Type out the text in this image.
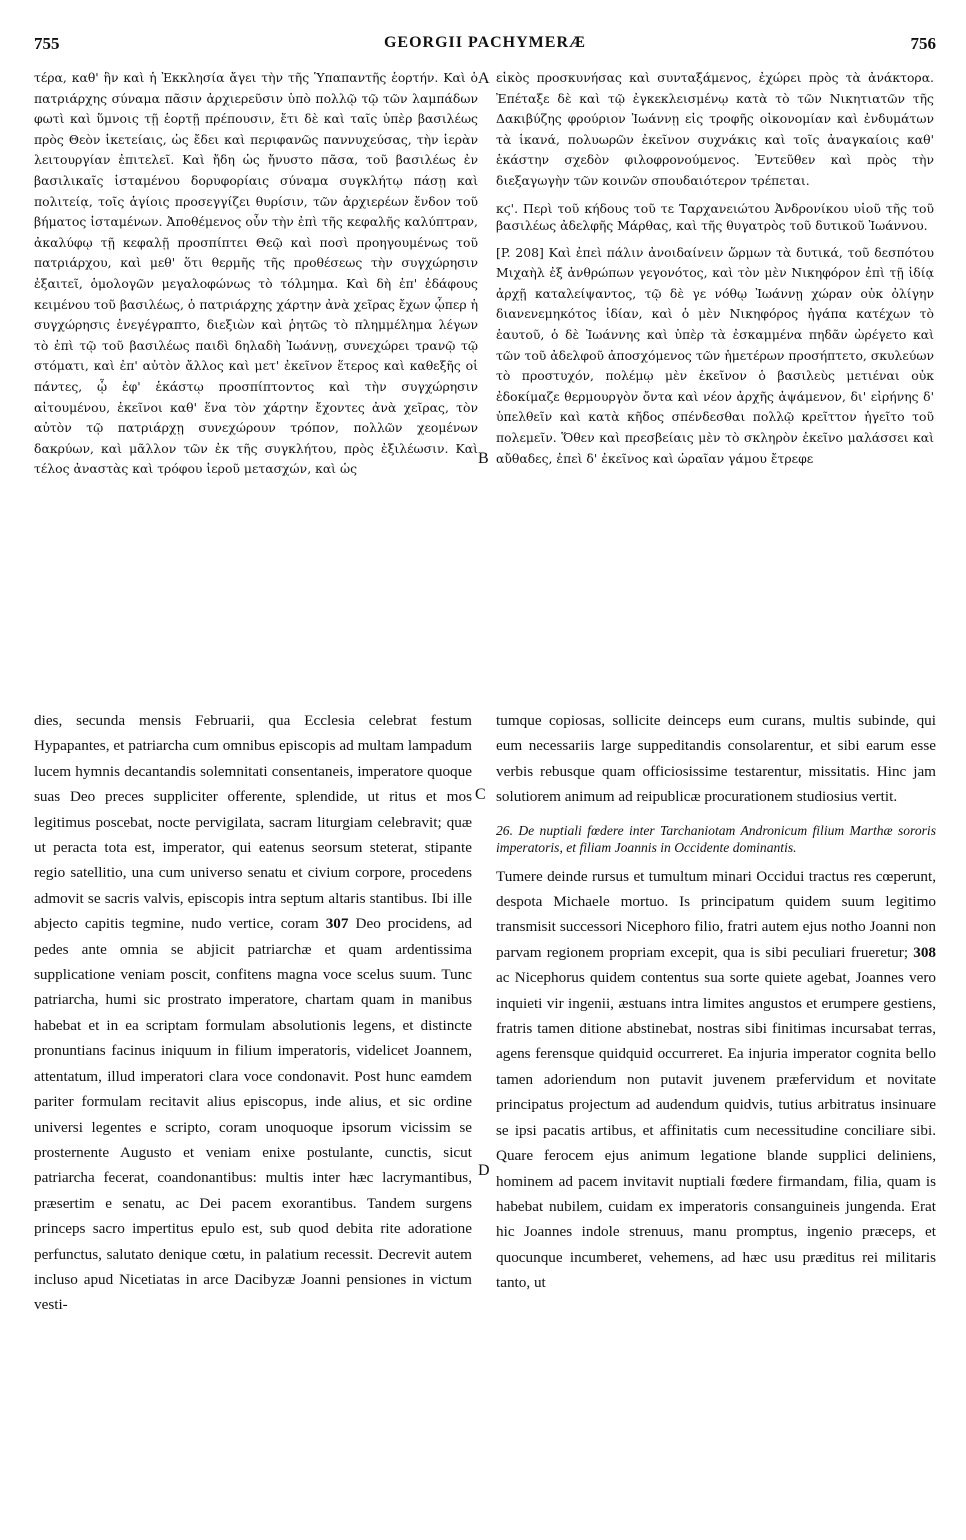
755	GEORGII PACHYMERÆ	756

τέρα, καθ' ἣν καὶ ἡ Ἐκκλησία ἄγει τὴν τῆς Ὑπαπαντῆς ἑορτήν. Καὶ ὁ πατριάρχης σύναμα πᾶσιν ἀρχιερεῦσιν ὑπὸ πολλῷ τῷ τῶν λαμπάδων φωτὶ καὶ ὕμνοις τῇ ἑορτῇ πρέπουσιν, ἔτι δὲ καὶ ταῖς ὑπὲρ βασιλέως πρὸς Θεὸν ἱκετείαις, ὡς ἔδει καὶ περιφανῶς παννυχεύσας, τὴν ἱερὰν λειτουργίαν ἐπιτελεῖ. Καὶ ἤδη ὡς ἤνυστο πᾶσα, τοῦ βασιλέως ἐν βασιλικαῖς ἱσταμένου δορυφορίαις σύναμα συγκλήτῳ πάσῃ καὶ πολιτείᾳ, τοῖς ἁγίοις προσεγγίζει θυρίσιν, τῶν ἀρχιερέων ἔνδον τοῦ βήματος ἱσταμένων. Ἀποθέμενος οὖν τὴν ἐπὶ τῆς κεφαλῆς καλύπτραν, ἀκαλύφῳ τῇ κεφαλῇ προσπίπτει Θεῷ καὶ ποσὶ προηγουμένως τοῦ πατριάρχου, καὶ μεθ' ὅτι θερμῆς τῆς προθέσεως τὴν συγχώρησιν ἐξαιτεῖ, ὁμολογῶν μεγαλοφώνως τὸ τόλμημα. Καὶ δὴ ἐπ' ἐδάφους κειμένου τοῦ βασιλέως, ὁ πατριάρχης χάρτην ἀνὰ χεῖρας ἔχων ᾧπερ ἡ συγχώρησις ἐνεγέγραπτο, διεξιὼν καὶ ῥητῶς τὸ πλημμέλημα λέγων τὸ ἐπὶ τῷ τοῦ βασιλέως παιδὶ δηλαδὴ Ἰωάννῃ, συνεχώρει τρανῷ τῷ στόματι, καὶ ἐπ' αὐτὸν ἄλλος καὶ μετ' ἐκεῖνον ἕτερος καὶ καθεξῆς οἱ πάντες, ᾧ ἐφ' ἑκάστῳ προσπίπτοντος καὶ τὴν συγχώρησιν αἰτουμένου, ἐκεῖνοι καθ' ἕνα τὸν χάρτην ἔχοντες ἀνὰ χεῖρας, τὸν αὐτὸν τῷ πατριάρχῃ συνεχώρουν τρόπον, πολλῶν χεομένων δακρύων, καὶ μᾶλλον τῶν ἐκ τῆς συγκλήτου, πρὸς ἐξιλέωσιν. Καὶ τέλος ἀναστὰς καὶ τρόφου ἱεροῦ μετασχών, καὶ ὡς

εἰκὸς προσκυνήσας καὶ συνταξάμενος, ἐχώρει πρὸς τὰ ἀνάκτορα. Ἐπέταξε δὲ καὶ τῷ ἐγκεκλεισμένῳ κατὰ τὸ τῶν Νικητιατῶν τῆς Δακιβύζης φρούριον Ἰωάννῃ εἰς τροφῆς οἰκονομίαν καὶ ἐνδυμάτων τὰ ἱκανά, πολυωρῶν ἐκεῖνον συχνάκις καὶ τοῖς ἀναγκαίοις καθ' ἑκάστην σχεδὸν φιλοφρονούμενος. Ἐντεῦθεν καὶ πρὸς τὴν διεξαγωγὴν τῶν κοινῶν σπουδαιότερον τρέπεται.

κϛ'. Περὶ τοῦ κήδους τοῦ τε Ταρχανειώτου Ἀνδρονίκου υἱοῦ τῆς τοῦ βασιλέως ἀδελφῆς Μάρθας, καὶ τῆς θυγατρὸς τοῦ δυτικοῦ Ἰωάννου.

[P. 208] Καὶ ἐπεὶ πάλιν ἀνοιδαίνειν ὥρμων τὰ δυτικά, τοῦ δεσπότου Μιχαὴλ ἐξ ἀνθρώπων γεγονότος, καὶ τὸν μὲν Νικηφόρον ἐπὶ τῇ ἰδίᾳ ἀρχῇ καταλείψαντος, τῷ δὲ γε νόθῳ Ἰωάννῃ χώραν οὐκ ὀλίγην διανενεμηκότος ἰδίαν, καὶ ὁ μὲν Νικηφόρος ἠγάπα κατέχων τὸ ἑαυτοῦ, ὁ δὲ Ἰωάννης καὶ ὑπὲρ τὰ ἐσκαμμένα πηδᾶν ὠρέγετο καὶ τῶν τοῦ ἀδελφοῦ ἀποσχόμενος τῶν ἡμετέρων προσήπτετο, σκυλεύων τὸ προστυχόν, πολέμῳ μὲν ἐκεῖνον ὁ βασιλεὺς μετιέναι οὐκ ἐδοκίμαζε θερμουργὸν ὄντα καὶ νέον ἀρχῆς ἀψάμενον, δι' εἰρήνης δ' ὑπελθεῖν καὶ κατὰ κῆδος σπένδεσθαι πολλῷ κρεῖττον ἡγεῖτο τοῦ πολεμεῖν. Ὅθεν καὶ πρεσβείαις μὲν τὸ σκληρὸν ἐκεῖνο μαλάσσει καὶ αὔθαδες, ἐπεὶ δ' ἐκεῖνος καὶ ὡραῖαν γάμου ἔτρεφε

dies, secunda mensis Februarii, qua Ecclesia celebrat festum Hypapantes, et patriarcha cum omnibus episcopis ad multam lampadum lucem hymnis decantandis solemnitati consentaneis, imperatore quoque suas Deo preces suppliciter offerente, splendide, ut ritus et mos legitimus poscebat, nocte pervigilata, sacram liturgiam celebravit; quæ ut peracta tota est, imperator, qui eatenus seorsum steterat, stipante regio satellitio, una cum universo senatu et civium corpore, procedens admovit se sacris valvis, episcopis intra septum altaris stantibus. Ibi ille abjecto capitis tegmine, nudo vertice, coram 307 Deo procidens, ad pedes ante omnia se abjicit patriarchæ et quam ardentissima supplicatione veniam poscit, confitens magna voce scelus suum. Tunc patriarcha, humi sic prostrato imperatore, chartam quam in manibus habebat et in ea scriptam formulam absolutionis legens, et distincte pronuntians facinus iniquum in filium imperatoris, videlicet Joannem, attentatum, illud imperatori clara voce condonavit. Post hunc eamdem pariter formulam recitavit alius episcopus, inde alius, et sic ordine universi legentes e scripto, coram unoquoque ipsorum vicissim se prosternente Augusto et veniam enixe postulante, cunctis, sicut patriarcha fecerat, coandonantibus: multis inter hæc lacrymantibus, præsertim e senatu, ac Dei pacem exorantibus. Tandem surgens princeps sacro impertitus epulo est, sub quod debita rite adoratione perfunctus, salutato denique cœtu, in palatium recessit. Decrevit autem incluso apud Nicetiatas in arce Dacibyzæ Joanni pensiones in victum vesti-

tumque copiosas, sollicite deinceps eum curans, multis subinde, qui eum necessariis large suppeditandis consolarentur, et sibi earum esse verbis rebusque quam officiosissime testarentur, missitatis. Hinc jam solutiorem animum ad reipublicæ procurationem studiosius vertit.

26. De nuptiali fœdere inter Tarchaniotam Andronicum filium Marthæ sororis imperatoris, et filiam Joannis in Occidente dominantis.

Tumere deinde rursus et tumultum minari Occidui tractus res cœperunt, despota Michaele mortuo. Is principatum quidem suum legitimo transmisit successori Nicephoro filio, fratri autem ejus notho Joanni non parvam regionem propriam excepit, qua is sibi peculiari frueretur; 308 ac Nicephorus quidem contentus sua sorte quiete agebat, Joannes vero inquieti vir ingenii, æstuans intra limites angustos et erumpere gestiens, fratris tamen ditione abstinebat, nostras sibi finitimas incursabat terras, agens ferensque quidquid occurreret. Ea injuria imperator cognita bello tamen adoriendum non putavit juvenem præfervidum et novitate principatus projectum ad audendum quidvis, tutius arbitratus insinuare se ipsi pacatis artibus, et affinitatis cum necessitudine conciliare sibi. Quare ferocem ejus animum legatione blande supplici deliniens, hominem ad pacem invitavit nuptiali fœdere firmandam, filia, quam is habebat nubilem, cuidam ex imperatoris consanguineis jungenda. Erat hic Joannes indole strenuus, manu promptus, ingenio præceps, et quocunque incumberet, vehemens, ad hæc usu præditus rei militaris tanto, ut

A
B
C
D
